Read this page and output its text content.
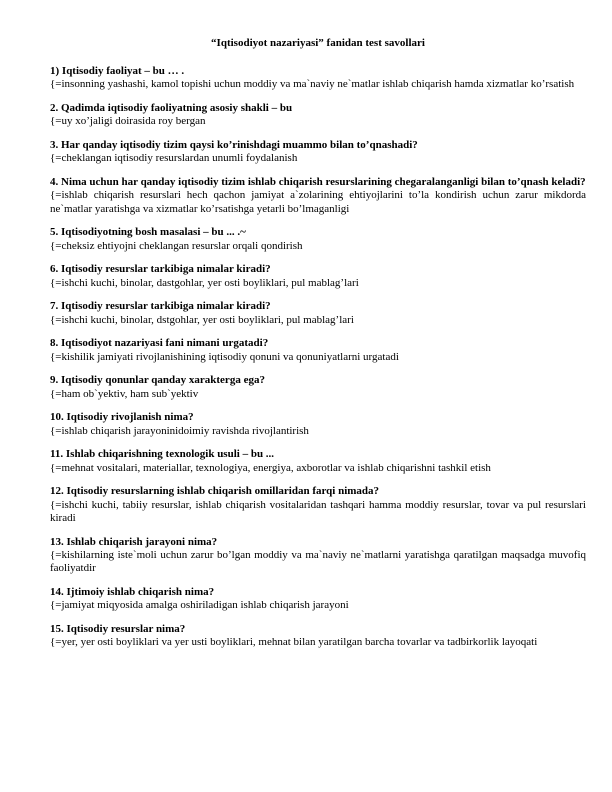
“Iqtisodiyot nazariyasi” fanidan test savollari
1) Iqtisodiy faoliyat – bu … .
{=insonning yashashi, kamol topishi uchun moddiy va ma`naviy ne`matlar ishlab chiqarish hamda xizmatlar ko’rsatish
2. Qadimda iqtisodiy faoliyatning asosiy shakli – bu
{=uy xo’jaligi doirasida roy bergan
3. Har qanday iqtisodiy tizim qaysi ko’rinishdagi muammo bilan to’qnashadi?
{=cheklangan iqtisodiy resurslardan unumli foydalanish
4. Nima uchun har qanday iqtisodiy tizim ishlab chiqarish resurslarining chegaralanganligi bilan to’qnash keladi?
{=ishlab chiqarish resurslari hech qachon jamiyat a`zolarining ehtiyojlarini to’la kondirish uchun zarur mikdorda ne`matlar yaratishga va xizmatlar ko’rsatishga yetarli bo’lmaganligi
5. Iqtisodiyotning bosh masalasi – bu ... .~
{=cheksiz ehtiyojni cheklangan resurslar orqali qondirish
6. Iqtisodiy resurslar tarkibiga nimalar kiradi?
{=ishchi kuchi, binolar, dastgohlar, yer osti boyliklari, pul mablag’lari
7. Iqtisodiy resurslar tarkibiga nimalar kiradi?
{=ishchi kuchi, binolar, dstgohlar, yer osti boyliklari, pul mablag’lari
8. Iqtisodiyot nazariyasi fani nimani urgatadi?
{=kishilik jamiyati rivojlanishining iqtisodiy qonuni va qonuniyatlarni urgatadi
9. Iqtisodiy qonunlar qanday xarakterga ega?
{=ham ob`yektiv, ham sub`yektiv
10. Iqtisodiy rivojlanish nima?
{=ishlab chiqarish jarayoninidoimiy ravishda rivojlantirish
11. Ishlab chiqarishning texnologik usuli – bu ...
{=mehnat vositalari, materiallar, texnologiya, energiya, axborotlar va ishlab chiqarishni tashkil etish
12. Iqtisodiy resurslarning ishlab chiqarish omillaridan farqi nimada?
{=ishchi kuchi, tabiiy resurslar, ishlab chiqarish vositalaridan tashqari hamma moddiy resurslar, tovar va pul resurslari kiradi
13. Ishlab chiqarish jarayoni nima?
{=kishilarning iste`moli uchun zarur bo’lgan moddiy va ma`naviy ne`matlarni yaratishga qaratilgan maqsadga muvofiq faoliyatdir
14. Ijtimoiy ishlab chiqarish nima?
{=jamiyat miqyosida amalga oshiriladigan ishlab chiqarish jarayoni
15. Iqtisodiy resurslar nima?
{=yer, yer osti boyliklari va yer usti boyliklari, mehnat bilan yaratilgan barcha tovarlar va tadbirkorlik layoqati
